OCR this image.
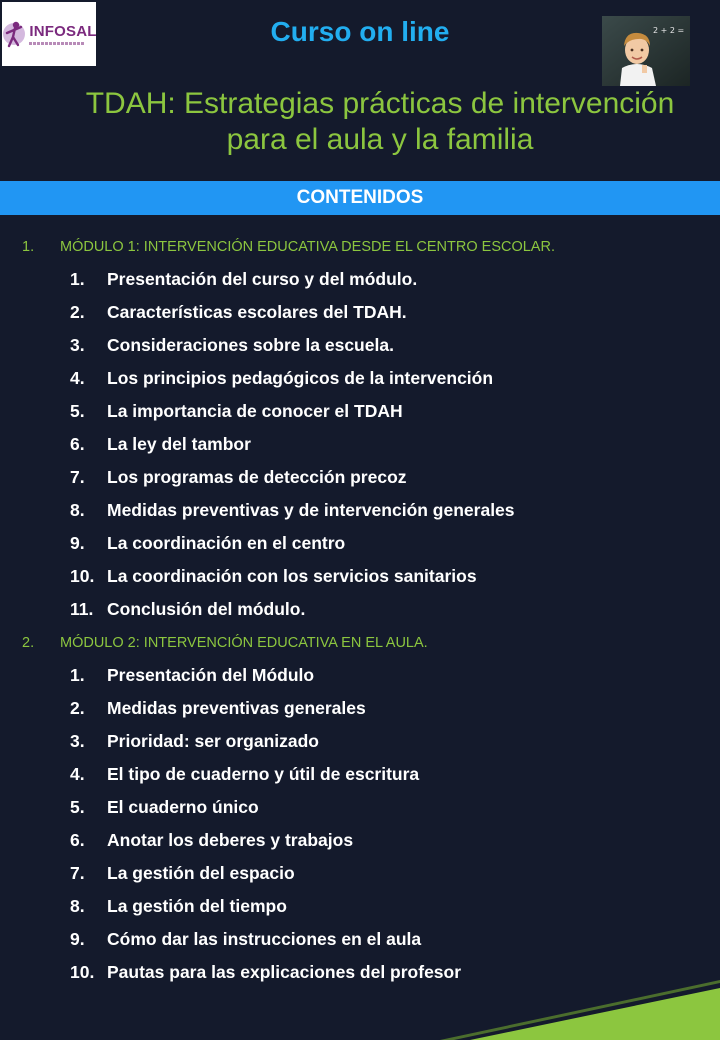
INFOSAL	Curso on line	2 + 2 =
TDAH: Estrategias prácticas de intervención
para el aula y la familia
CONTENIDOS
1.	MÓDULO 1: INTERVENCIÓN EDUCATIVA DESDE EL CENTRO ESCOLAR.
1.	Presentación del curso y del módulo.
2.	Características escolares del TDAH.
3.	Consideraciones sobre la escuela.
4.	Los principios pedagógicos de la intervención
5.	La importancia de conocer el TDAH
6.	La ley del tambor
7.	Los programas de detección precoz
8.	Medidas preventivas y de intervención generales
9.	La coordinación en el centro
10. La coordinación con los servicios sanitarios
11. Conclusión del módulo.
2.	MÓDULO 2: INTERVENCIÓN EDUCATIVA EN EL AULA.
1.	Presentación del Módulo
2.	Medidas preventivas generales
3.	Prioridad: ser organizado
4.	El tipo de cuaderno y útil de escritura
5.	El cuaderno único
6.	Anotar los deberes y trabajos
7.	La gestión del espacio
8.	La gestión del tiempo
9.	Cómo dar las instrucciones en el aula
10. Pautas para las explicaciones del profesor
